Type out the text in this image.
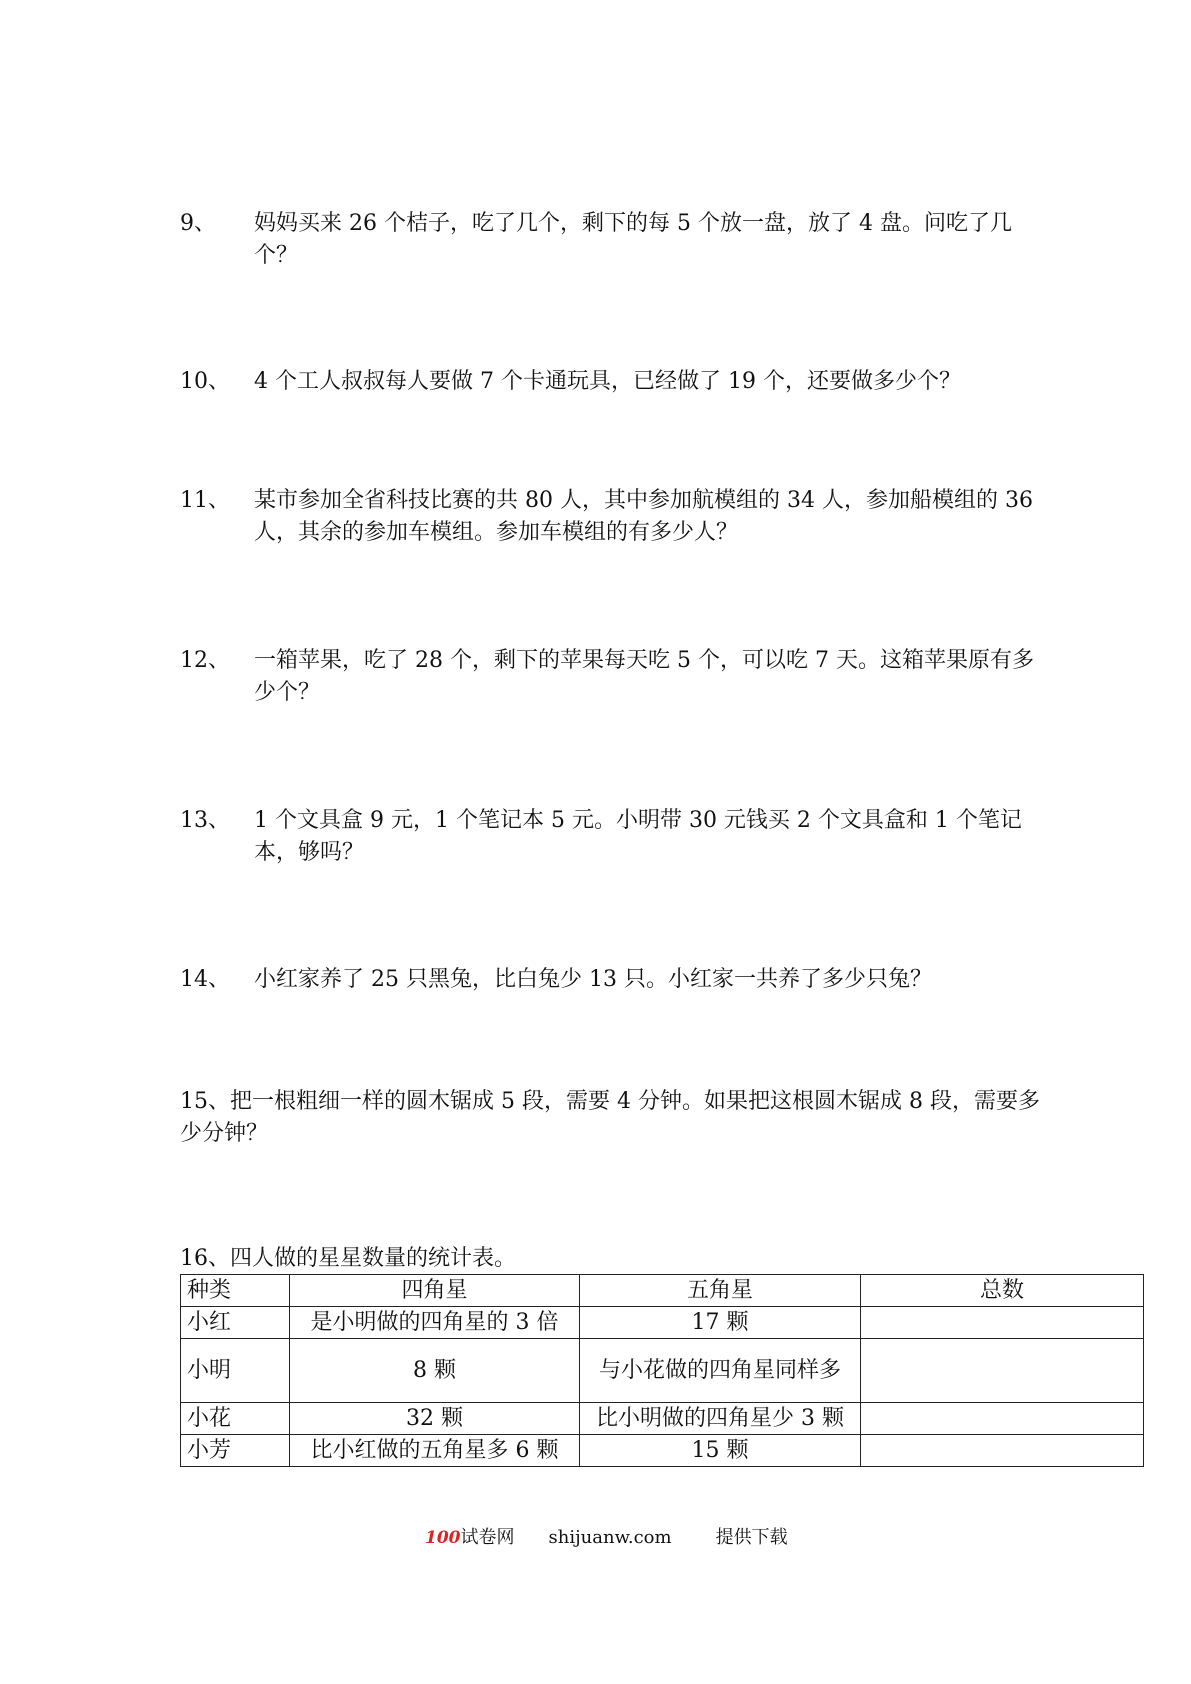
9、 妈妈买来 26 个桔子，吃了几个，剩下的每 5 个放一盘，放了 4 盘。问吃了几个？
10、 4 个工人叔叔每人要做 7 个卡通玩具，已经做了 19 个，还要做多少个？
11、 某市参加全省科技比赛的共 80 人，其中参加航模组的 34 人，参加船模组的 36 人，其余的参加车模组。参加车模组的有多少人？
12、 一箱苹果，吃了 28 个，剩下的苹果每天吃 5 个，可以吃 7 天。这箱苹果原有多少个？
13、 1 个文具盒 9 元，1 个笔记本 5 元。小明带 30 元钱买 2 个文具盒和 1 个笔记本，够吗？
14、 小红家养了 25 只黑兔，比白兔少 13 只。小红家一共养了多少只兔？
15、把一根粗细一样的圆木锯成 5 段，需要 4 分钟。如果把这根圆木锯成 8 段，需要多少分钟？
16、四人做的星星数量的统计表。
种类	四角星	五角星	总数
小红	是小明做的四角星的 3 倍	17 颗	
小明	8 颗	与小花做的四角星同样多	
小花	32 颗	比小明做的四角星少 3 颗	
小芳	比小红做的五角星多 6 颗	15 颗	
100 试卷网 shijuanw.com 提供下载
